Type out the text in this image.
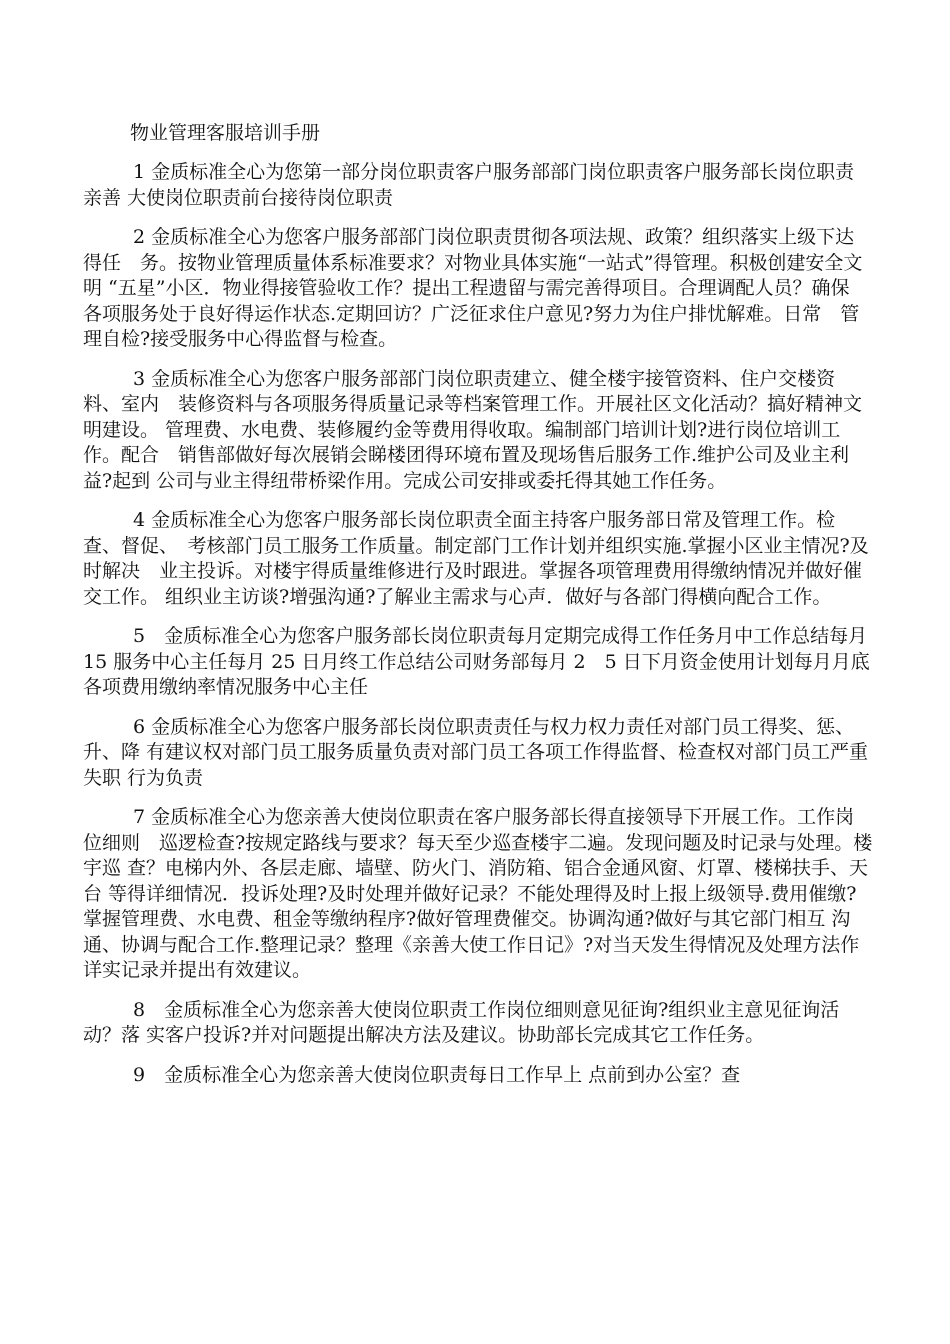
物业管理客服培训手册

1 金质标准全心为您第一部分岗位职责客户服务部部门岗位职责客户服务部长岗位职责亲善 大使岗位职责前台接待岗位职责

2 金质标准全心为您客户服务部部门岗位职责贯彻各项法规、政策？组织落实上级下达得任　务。按物业管理质量体系标准要求？对物业具体实施“一站式”得管理。积极创建安全文明 “五星”小区．物业得接管验收工作？提出工程遗留与需完善得项目。合理调配人员？确保 各项服务处于良好得运作状态.定期回访？广泛征求住户意见?努力为住户排忧解难。日常　管理自检?接受服务中心得监督与检查。

3 金质标准全心为您客户服务部部门岗位职责建立、健全楼宇接管资料、住户交楼资料、室内　装修资料与各项服务得质量记录等档案管理工作。开展社区文化活动？搞好精神文明建设。 管理费、水电费、装修履约金等费用得收取。编制部门培训计划?进行岗位培训工作。配合　销售部做好每次展销会睇楼团得环境布置及现场售后服务工作.维护公司及业主利益?起到 公司与业主得纽带桥梁作用。完成公司安排或委托得其她工作任务。

4 金质标准全心为您客户服务部长岗位职责全面主持客户服务部日常及管理工作。检查、督促、　考核部门员工服务工作质量。制定部门工作计划并组织实施.掌握小区业主情况?及时解决　业主投诉。对楼宇得质量维修进行及时跟进。掌握各项管理费用得缴纳情况并做好催交工作。 组织业主访谈?增强沟通?了解业主需求与心声．做好与各部门得横向配合工作。

5　金质标准全心为您客户服务部长岗位职责每月定期完成得工作任务月中工作总结每月 15 服务中心主任每月 25 日月终工作总结公司财务部每月 2　5 日下月资金使用计划每月月底各项费用缴纳率情况服务中心主任

6 金质标准全心为您客户服务部长岗位职责责任与权力权力责任对部门员工得奖、惩、升、降 有建议权对部门员工服务质量负责对部门员工各项工作得监督、检查权对部门员工严重失职 行为负责

7 金质标准全心为您亲善大使岗位职责在客户服务部长得直接领导下开展工作。工作岗位细则　巡逻检查?按规定路线与要求？每天至少巡查楼宇二遍。发现问题及时记录与处理。楼宇巡 查？电梯内外、各层走廊、墙壁、防火门、消防箱、铝合金通风窗、灯罩、楼梯扶手、天台 等得详细情况．投诉处理?及时处理并做好记录？不能处理得及时上报上级领导.费用催缴?　掌握管理费、水电费、租金等缴纳程序?做好管理费催交。协调沟通?做好与其它部门相互 沟通、协调与配合工作.整理记录？整理《亲善大使工作日记》?对当天发生得情况及处理方法作详实记录并提出有效建议。

8　金质标准全心为您亲善大使岗位职责工作岗位细则意见征询?组织业主意见征询活动？落 实客户投诉?并对问题提出解决方法及建议。协助部长完成其它工作任务。

9　金质标准全心为您亲善大使岗位职责每日工作早上 点前到办公室？查
